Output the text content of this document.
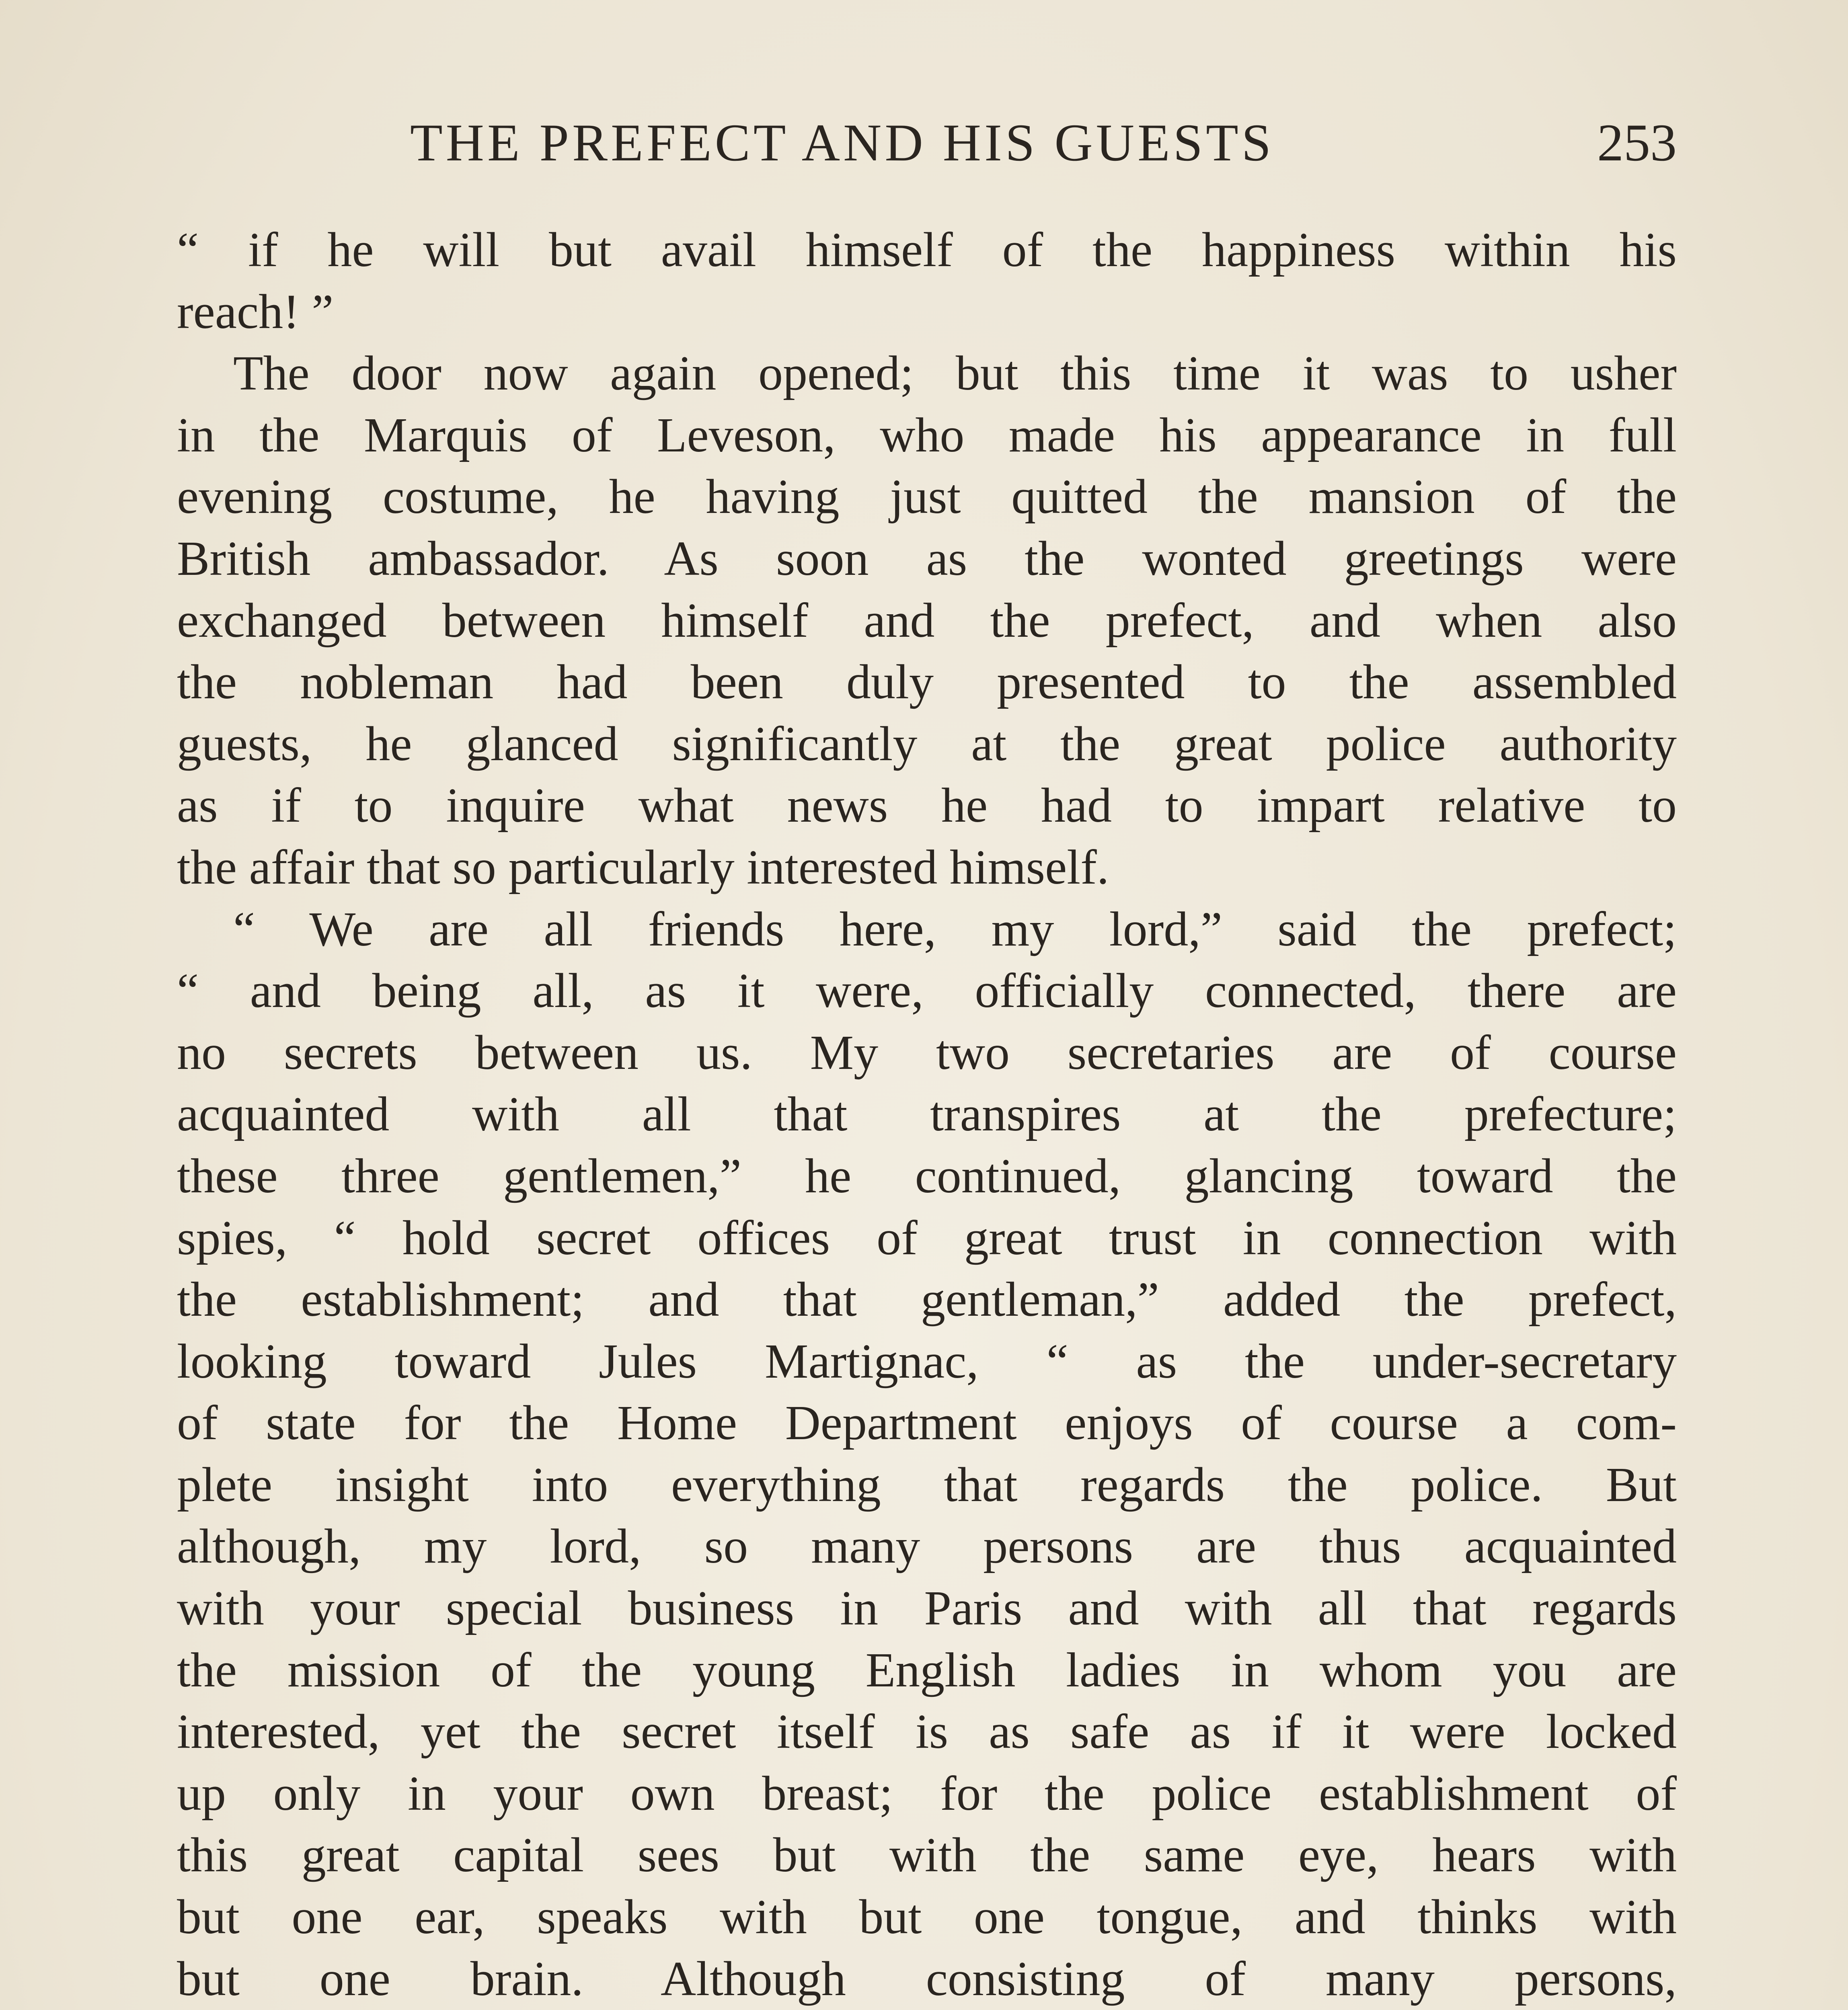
THE PREFECT AND HIS GUESTS	253
“ if he will but avail himself of the happiness within his
reach! ”
The door now again opened; but this time it was to usher
in the Marquis of Leveson, who made his appearance in full
evening costume, he having just quitted the mansion of the
British ambassador. As soon as the wonted greetings were
exchanged between himself and the prefect, and when also
the nobleman had been duly presented to the assembled
guests, he glanced significantly at the great police authority
as if to inquire what news he had to impart relative to
the affair that so particularly interested himself.
“ We are all friends here, my lord,” said the prefect;
“ and being all, as it were, officially connected, there are
no secrets between us. My two secretaries are of course
acquainted with all that transpires at the prefecture;
these three gentlemen,” he continued, glancing toward the
spies, “ hold secret offices of great trust in connection with
the establishment; and that gentleman,” added the prefect,
looking toward Jules Martignac, “ as the under-secretary
of state for the Home Department enjoys of course a com-
plete insight into everything that regards the police. But
although, my lord, so many persons are thus acquainted
with your special business in Paris and with all that regards
the mission of the young English ladies in whom you are
interested, yet the secret itself is as safe as if it were locked
up only in your own breast; for the police establishment of
this great capital sees but with the same eye, hears with
but one ear, speaks with but one tongue, and thinks with
but one brain. Although consisting of many persons,
